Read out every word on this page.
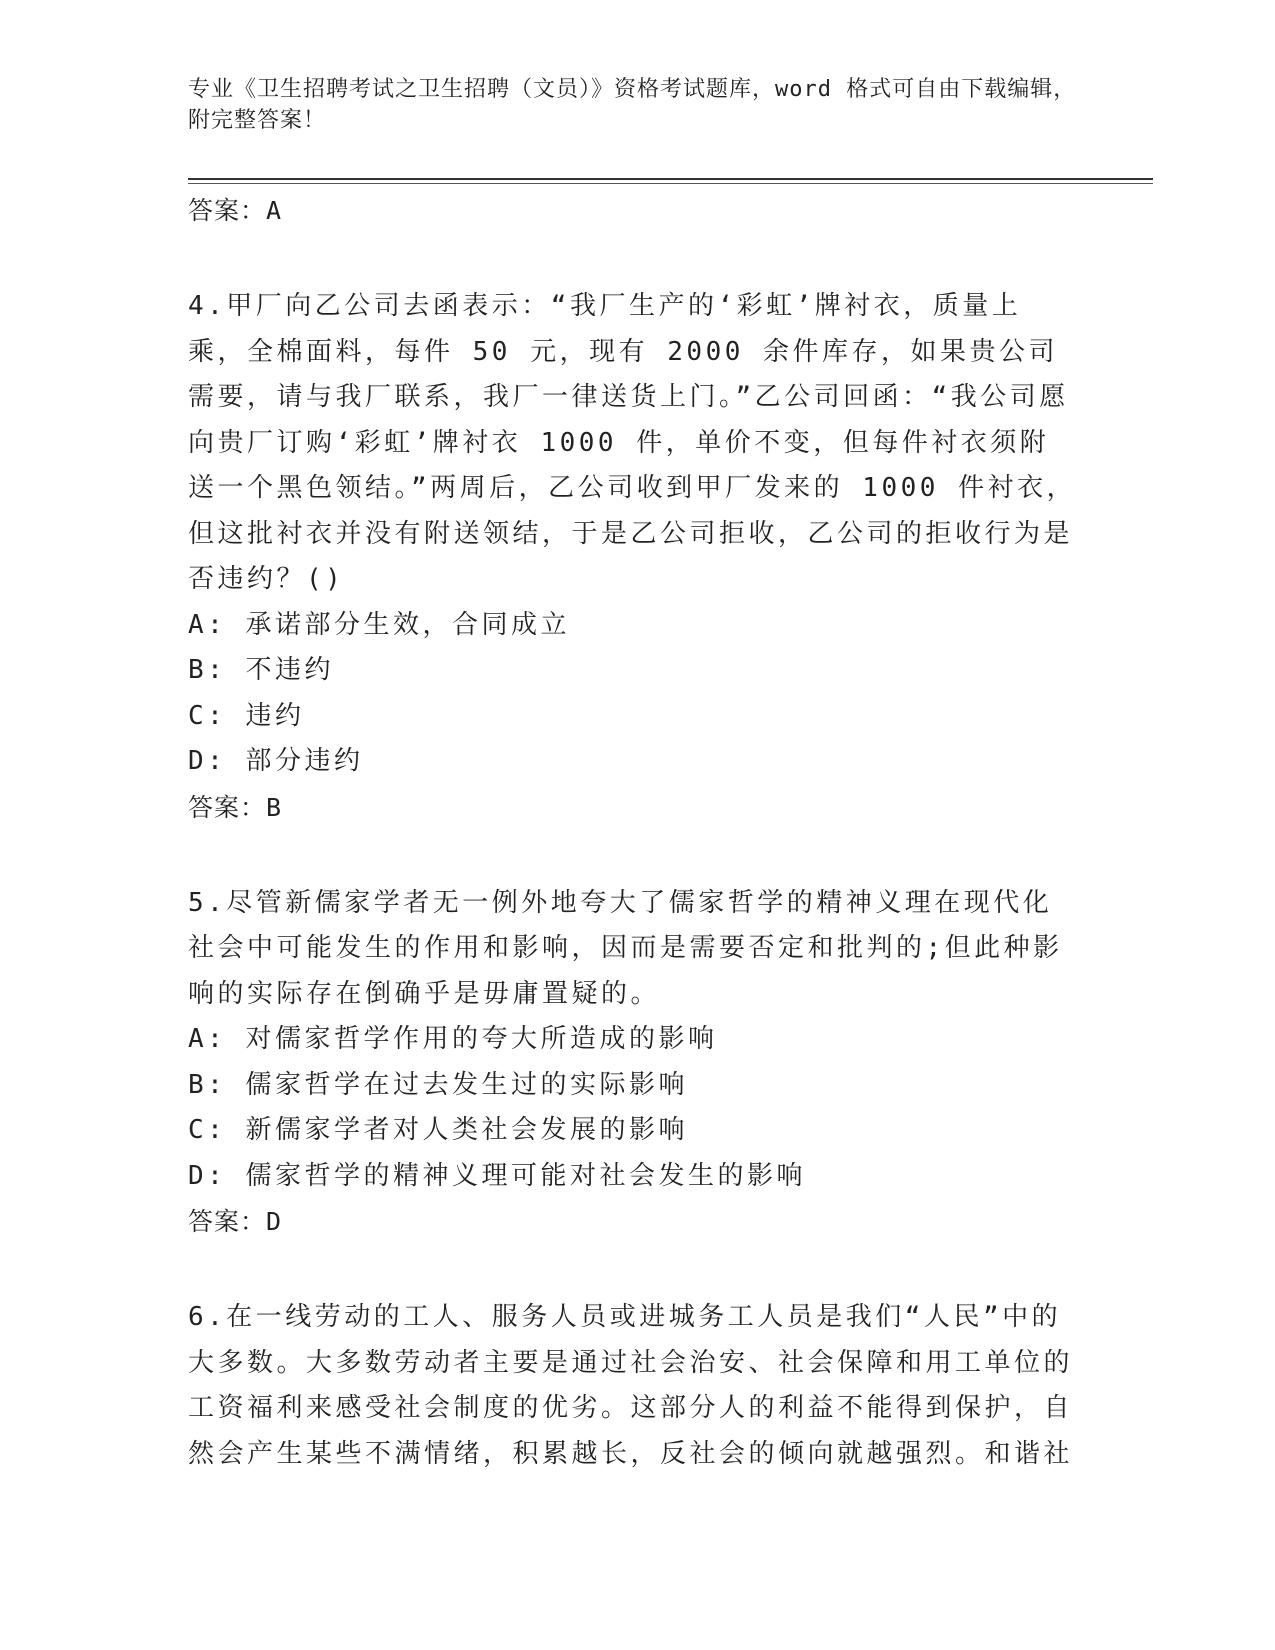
专业《卫生招聘考试之卫生招聘（文员）》资格考试题库，word 格式可自由下载编辑，附完整答案！
答案：A
4.甲厂向乙公司去函表示：“我厂生产的‘彩虹’牌衬衣，质量上乘，全棉面料，每件 50 元，现有 2000 余件库存，如果贵公司需要，请与我厂联系，我厂一律送货上门。”乙公司回函：“我公司愿向贵厂订购‘彩虹’牌衬衣 1000 件，单价不变，但每件衬衣须附送一个黑色领结。”两周后，乙公司收到甲厂发来的 1000 件衬衣，但这批衬衣并没有附送领结，于是乙公司拒收，乙公司的拒收行为是否违约？()
A: 承诺部分生效，合同成立
B: 不违约
C: 违约
D: 部分违约
答案：B
5.尽管新儒家学者无一例外地夸大了儒家哲学的精神义理在现代化社会中可能发生的作用和影响，因而是需要否定和批判的;但此种影响的实际存在倒确乎是毋庸置疑的。
A: 对儒家哲学作用的夸大所造成的影响
B: 儒家哲学在过去发生过的实际影响
C: 新儒家学者对人类社会发展的影响
D: 儒家哲学的精神义理可能对社会发生的影响
答案：D
6.在一线劳动的工人、服务人员或进城务工人员是我们“人民”中的大多数。大多数劳动者主要是通过社会治安、社会保障和用工单位的工资福利来感受社会制度的优劣。这部分人的利益不能得到保护，自然会产生某些不满情绪，积累越长，反社会的倾向就越强烈。和谐社
